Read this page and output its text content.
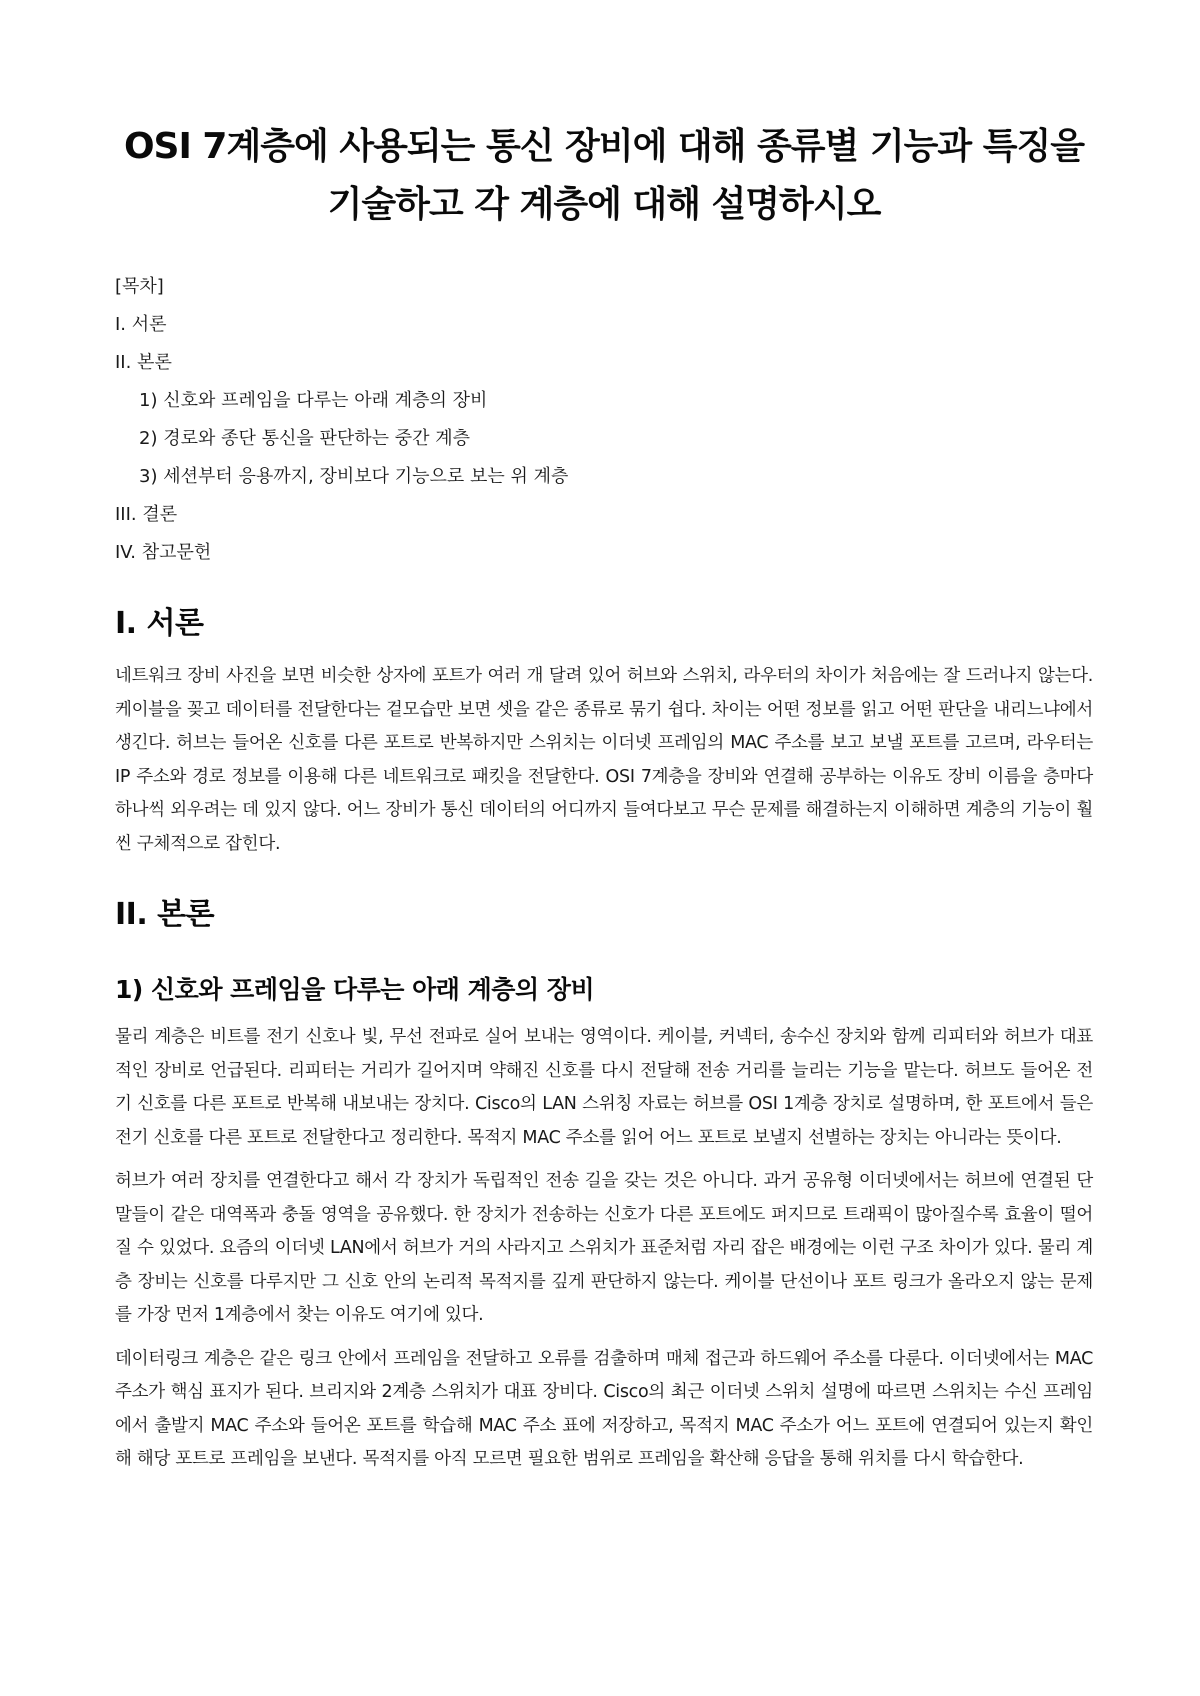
OSI 7계층에 사용되는 통신 장비에 대해 종류별 기능과 특징을 기술하고 각 계층에 대해 설명하시오
[목차]
I. 서론
II. 본론
1) 신호와 프레임을 다루는 아래 계층의 장비
2) 경로와 종단 통신을 판단하는 중간 계층
3) 세션부터 응용까지, 장비보다 기능으로 보는 위 계층
III. 결론
IV. 참고문헌
I. 서론

네트워크 장비 사진을 보면 비슷한 상자에 포트가 여러 개 달려 있어 허브와 스위치, 라우터의 차이가 처음에는 잘 드러나지 않는다. 케이블을 꽂고 데이터를 전달한다는 겉모습만 보면 셋을 같은 종류로 묶기 쉽다. 차이는 어떤 정보를 읽고 어떤 판단을 내리느냐에서 생긴다. 허브는 들어온 신호를 다른 포트로 반복하지만 스위치는 이더넷 프레임의 MAC 주소를 보고 보낼 포트를 고르며, 라우터는 IP 주소와 경로 정보를 이용해 다른 네트워크로 패킷을 전달한다. OSI 7계층을 장비와 연결해 공부하는 이유도 장비 이름을 층마다 하나씩 외우려는 데 있지 않다. 어느 장비가 통신 데이터의 어디까지 들여다보고 무슨 문제를 해결하는지 이해하면 계층의 기능이 훨씬 구체적으로 잡힌다.

II. 본론
1) 신호와 프레임을 다루는 아래 계층의 장비

물리 계층은 비트를 전기 신호나 빛, 무선 전파로 실어 보내는 영역이다. 케이블, 커넥터, 송수신 장치와 함께 리피터와 허브가 대표적인 장비로 언급된다. 리피터는 거리가 길어지며 약해진 신호를 다시 전달해 전송 거리를 늘리는 기능을 맡는다. 허브도 들어온 전기 신호를 다른 포트로 반복해 내보내는 장치다. Cisco의 LAN 스위칭 자료는 허브를 OSI 1계층 장치로 설명하며, 한 포트에서 들은 전기 신호를 다른 포트로 전달한다고 정리한다. 목적지 MAC 주소를 읽어 어느 포트로 보낼지 선별하는 장치는 아니라는 뜻이다.

허브가 여러 장치를 연결한다고 해서 각 장치가 독립적인 전송 길을 갖는 것은 아니다. 과거 공유형 이더넷에서는 허브에 연결된 단말들이 같은 대역폭과 충돌 영역을 공유했다. 한 장치가 전송하는 신호가 다른 포트에도 퍼지므로 트래픽이 많아질수록 효율이 떨어질 수 있었다. 요즘의 이더넷 LAN에서 허브가 거의 사라지고 스위치가 표준처럼 자리 잡은 배경에는 이런 구조 차이가 있다. 물리 계층 장비는 신호를 다루지만 그 신호 안의 논리적 목적지를 깊게 판단하지 않는다. 케이블 단선이나 포트 링크가 올라오지 않는 문제를 가장 먼저 1계층에서 찾는 이유도 여기에 있다.

데이터링크 계층은 같은 링크 안에서 프레임을 전달하고 오류를 검출하며 매체 접근과 하드웨어 주소를 다룬다. 이더넷에서는 MAC 주소가 핵심 표지가 된다. 브리지와 2계층 스위치가 대표 장비다. Cisco의 최근 이더넷 스위치 설명에 따르면 스위치는 수신 프레임에서 출발지 MAC 주소와 들어온 포트를 학습해 MAC 주소 표에 저장하고, 목적지 MAC 주소가 어느 포트에 연결되어 있는지 확인해 해당 포트로 프레임을 보낸다. 목적지를 아직 모르면 필요한 범위로 프레임을 확산해 응답을 통해 위치를 다시 학습한다.
